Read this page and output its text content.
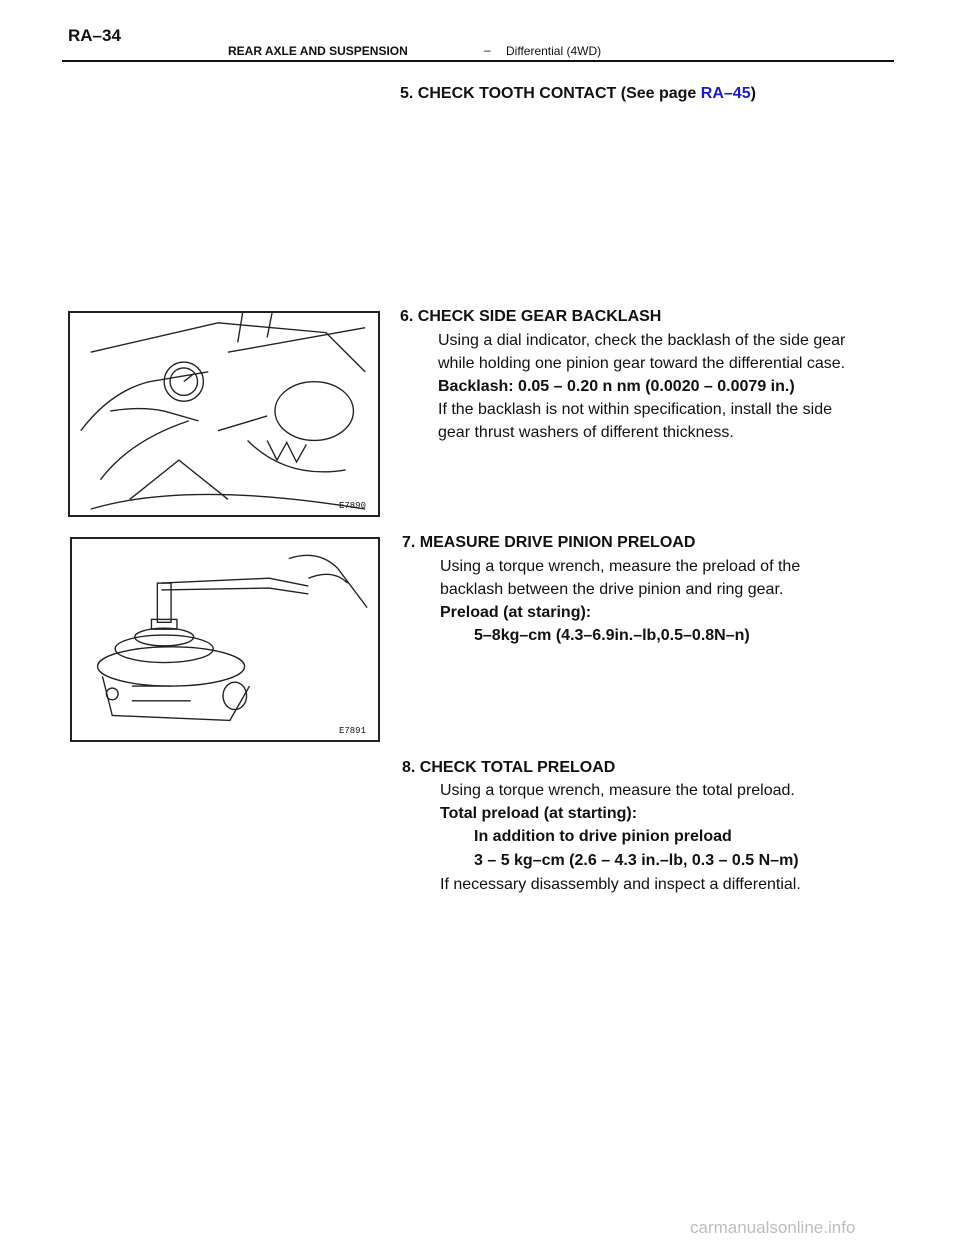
RA–34
REAR AXLE AND SUSPENSION	– Differential (4WD)
5. CHECK TOOTH CONTACT (See page RA–45)
E7890
6. CHECK SIDE GEAR BACKLASH
Using a dial indicator, check the backlash of the side gear
while holding one pinion gear toward the differential case.
Backlash: 0.05 – 0.20 n nm (0.0020 – 0.0079 in.)
If the backlash is not within specification, install the side
gear thrust washers of different thickness.
E7891
7. MEASURE DRIVE PINION PRELOAD
Using a torque wrench, measure the preload of the
backlash between the drive pinion and ring gear.
Preload (at staring):
5–8kg–cm (4.3–6.9in.–lb,0.5–0.8N–n)
8. CHECK TOTAL PRELOAD
Using a torque wrench, measure the total preload.
Total preload (at starting):
In addition to drive pinion preload
3 – 5 kg–cm (2.6 – 4.3 in.–lb, 0.3 – 0.5 N–m)
If necessary disassembly and inspect a differential.
carmanualsonline.info
